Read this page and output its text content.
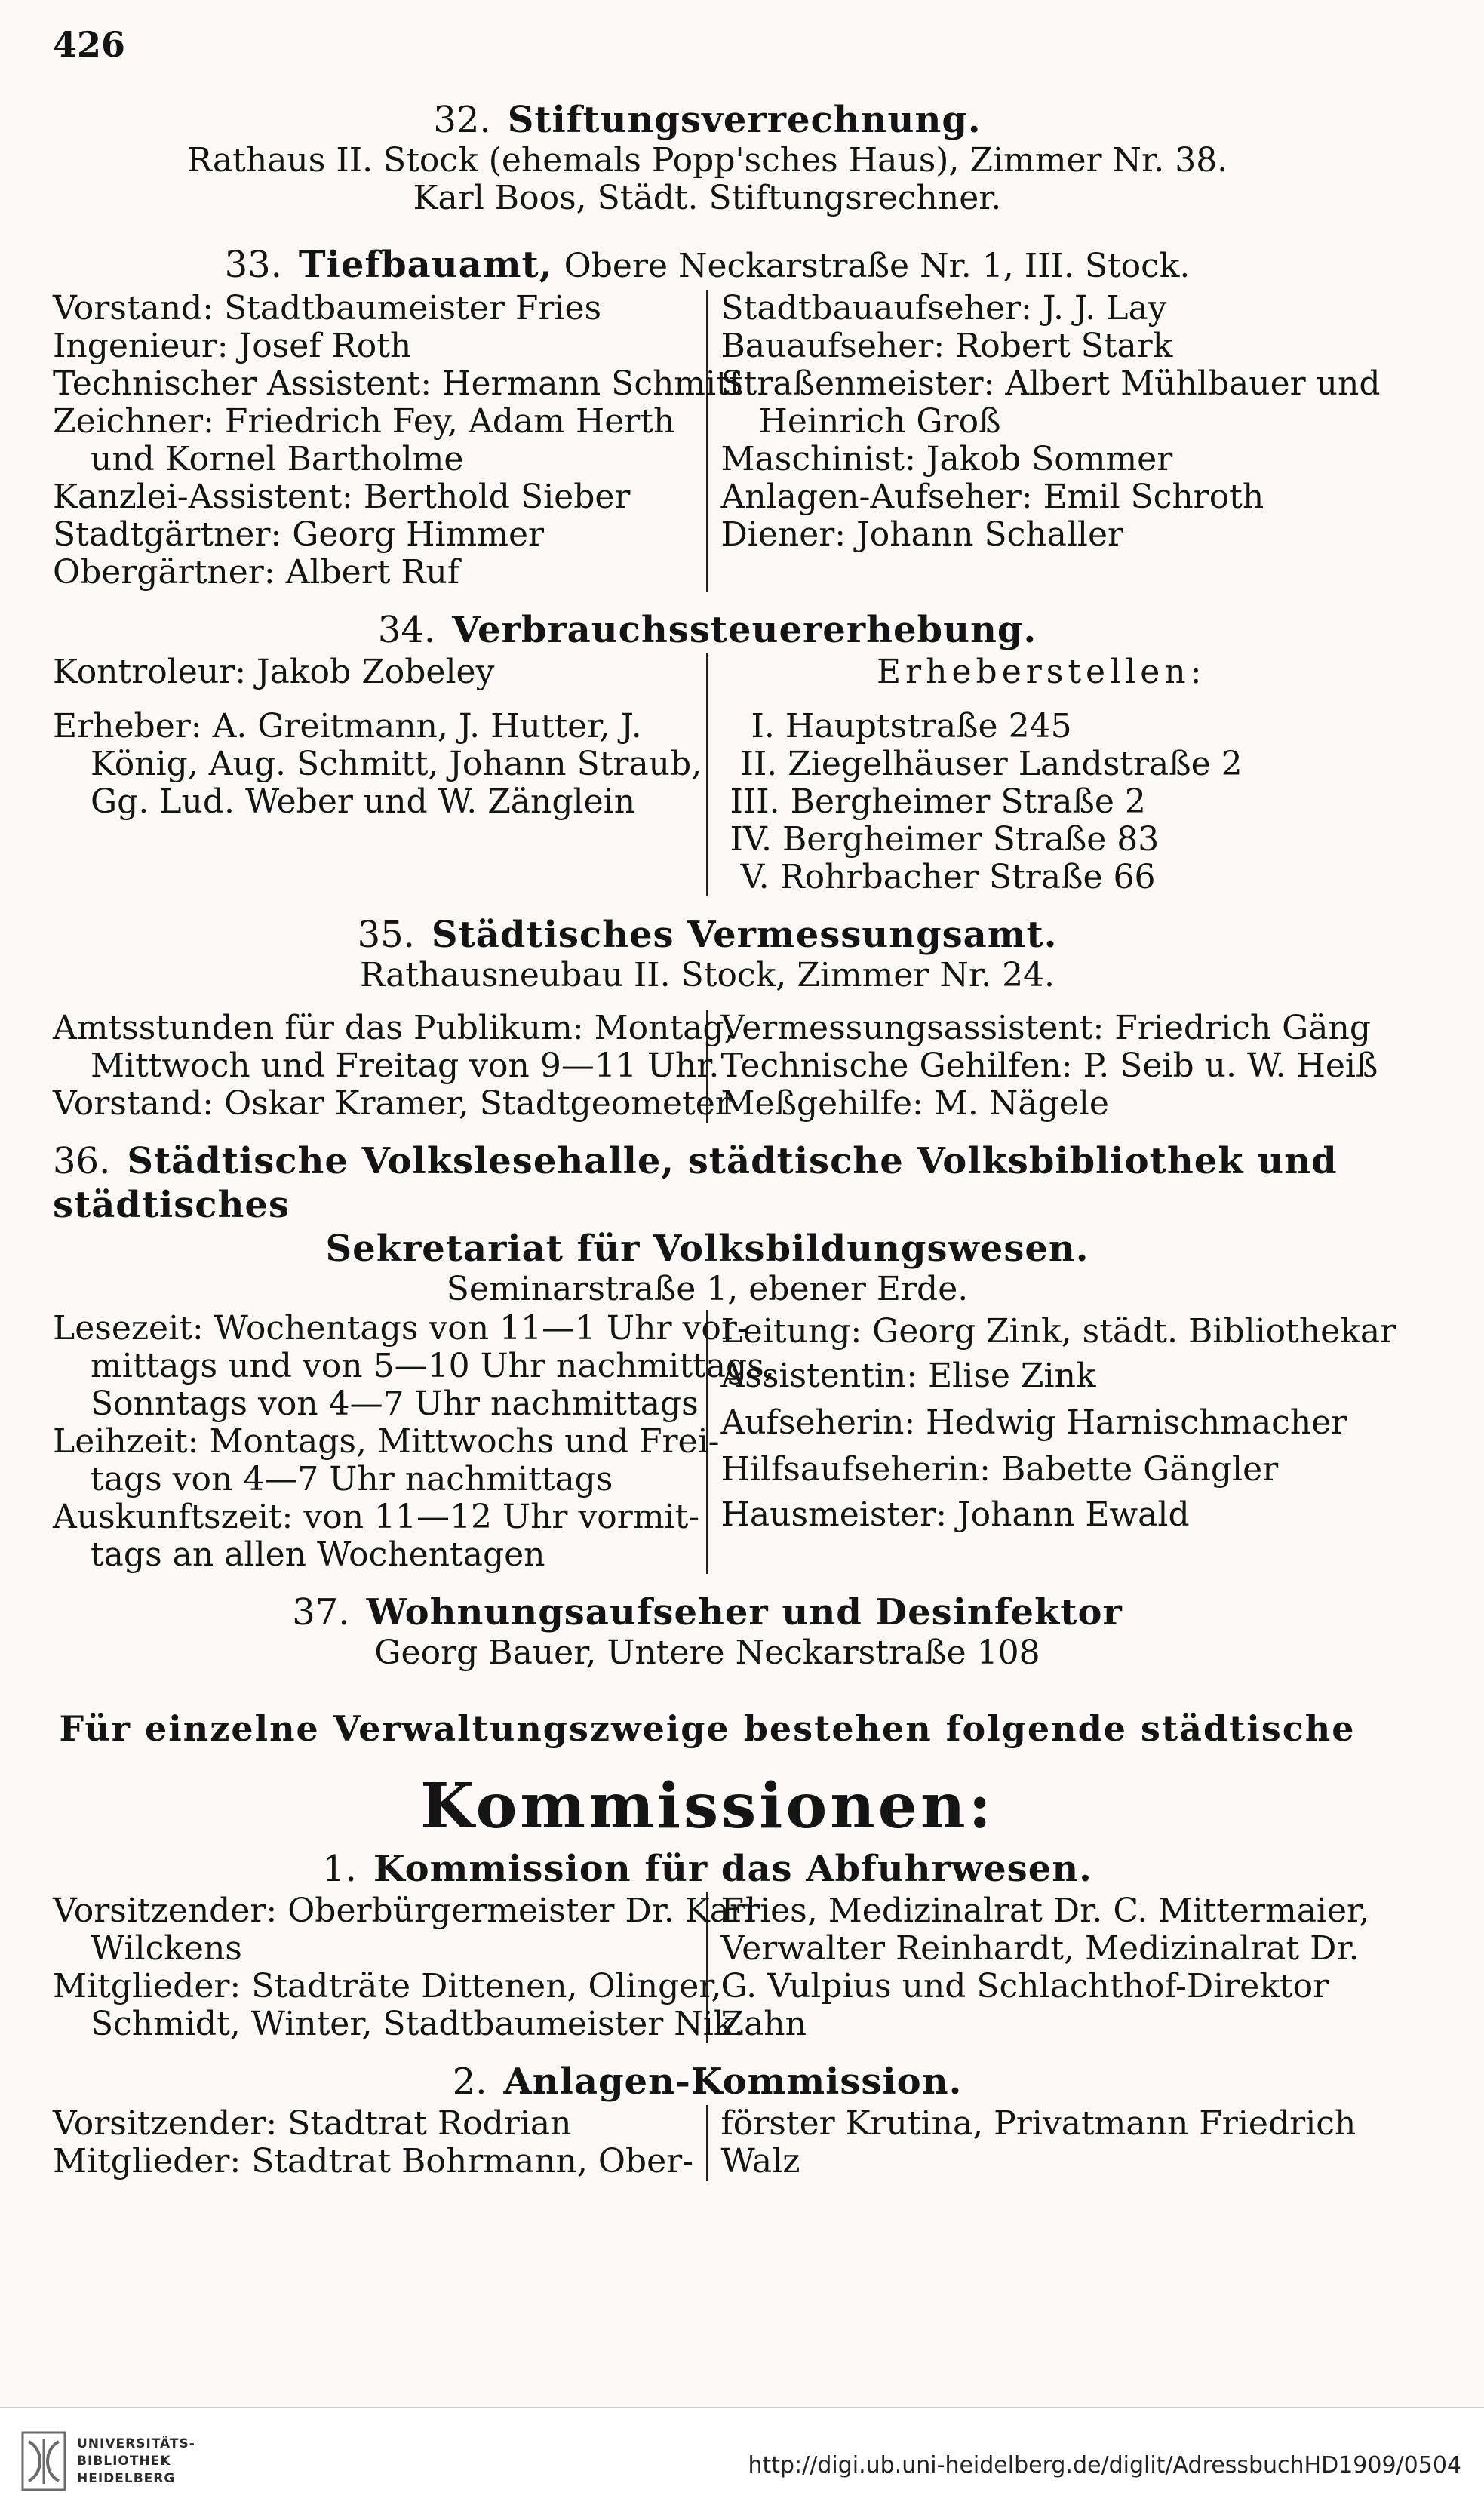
426
32. Stiftungsverrechnung.
Rathaus II. Stock (ehemals Popp'sches Haus), Zimmer Nr. 38.
Karl Boos, Städt. Stiftungsrechner.
33. Tiefbauamt, Obere Neckarstraße Nr. 1, III. Stock.
Vorstand: Stadtbaumeister Fries
Ingenieur: Josef Roth
Technischer Assistent: Hermann Schmitt
Zeichner: Friedrich Fey, Adam Herth
und Kornel Bartholme
Kanzlei-Assistent: Berthold Sieber
Stadtgärtner: Georg Himmer
Obergärtner: Albert Ruf
Stadtbauaufseher: J. J. Lay
Bauaufseher: Robert Stark
Straßenmeister: Albert Mühlbauer und
Heinrich Groß
Maschinist: Jakob Sommer
Anlagen-Aufseher: Emil Schroth
Diener: Johann Schaller
34. Verbrauchssteuererhebung.
Kontroleur: Jakob Zobeley
Erheber: A. Greitmann, J. Hutter, J.
König, Aug. Schmitt, Johann Straub,
Gg. Lud. Weber und W. Zänglein
Erheberstellen:
I. Hauptstraße 245
II. Ziegelhäuser Landstraße 2
III. Bergheimer Straße 2
IV. Bergheimer Straße 83
V. Rohrbacher Straße 66
35. Städtisches Vermessungsamt.
Rathausneubau II. Stock, Zimmer Nr. 24.
Amtsstunden für das Publikum: Montag,
Mittwoch und Freitag von 9—11 Uhr.
Vorstand: Oskar Kramer, Stadtgeometer
Vermessungsassistent: Friedrich Gäng
Technische Gehilfen: P. Seib u. W. Heiß
Meßgehilfe: M. Nägele
36. Städtische Volkslesehalle, städtische Volksbibliothek und städtisches
Sekretariat für Volksbildungswesen.
Seminarstraße 1, ebener Erde.
Lesezeit: Wochentags von 11—1 Uhr vor-
mittags und von 5—10 Uhr nachmittags,
Sonntags von 4—7 Uhr nachmittags
Leihzeit: Montags, Mittwochs und Frei-
tags von 4—7 Uhr nachmittags
Auskunftszeit: von 11—12 Uhr vormit-
tags an allen Wochentagen
Leitung: Georg Zink, städt. Bibliothekar
Assistentin: Elise Zink
Aufseherin: Hedwig Harnischmacher
Hilfsaufseherin: Babette Gängler
Hausmeister: Johann Ewald
37. Wohnungsaufseher und Desinfektor
Georg Bauer, Untere Neckarstraße 108
Für einzelne Verwaltungszweige bestehen folgende städtische
Kommissionen:
1. Kommission für das Abfuhrwesen.
Vorsitzender: Oberbürgermeister Dr. Karl
Wilckens
Mitglieder: Stadträte Dittenen, Olinger,
Schmidt, Winter, Stadtbaumeister Nik.
Fries, Medizinalrat Dr. C. Mittermaier,
Verwalter Reinhardt, Medizinalrat Dr.
G. Vulpius und Schlachthof-Direktor
Zahn
2. Anlagen-Kommission.
Vorsitzender: Stadtrat Rodrian
Mitglieder: Stadtrat Bohrmann, Ober-
förster Krutina, Privatmann Friedrich
Walz
UNIVERSITÄTS-
BIBLIOTHEK
HEIDELBERG	http://digi.ub.uni-heidelberg.de/diglit/AdressbuchHD1909/0504
